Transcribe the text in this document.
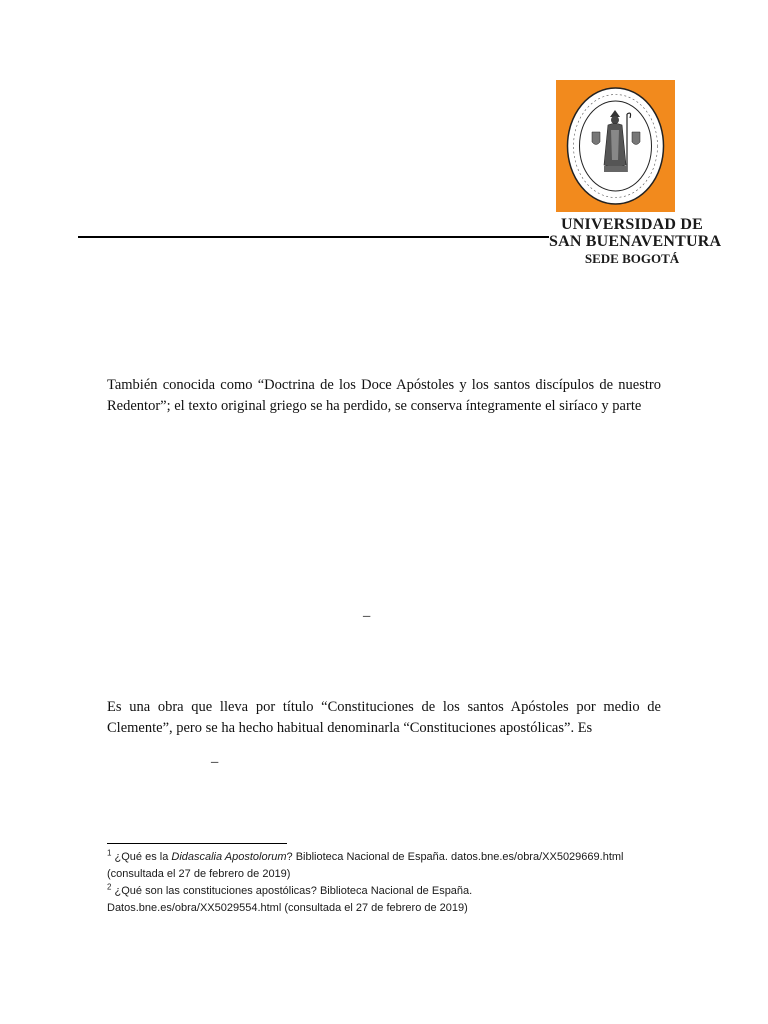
UNIVERSIDAD DE
SAN BUENAVENTURA
SEDE BOGOTÁ
También conocida como “Doctrina de los Doce Apóstoles y los santos discípulos de nuestro
Redentor”; el texto original griego se ha perdido, se conserva íntegramente el siríaco y parte
–
Es una obra que lleva por título “Constituciones de los santos Apóstoles por medio de
Clemente”, pero se ha hecho habitual denominarla “Constituciones apostólicas”. Es
–
$^1$ ¿Qué es la Didascalia Apostolorum? Biblioteca Nacional de España. datos.bne.es/obra/XX5029669.html
(consultada el 27 de febrero de 2019)
$^2$ ¿Qué son las constituciones apostólicas? Biblioteca Nacional de España.
Datos.bne.es/obra/XX5029554.html (consultada el 27 de febrero de 2019)
